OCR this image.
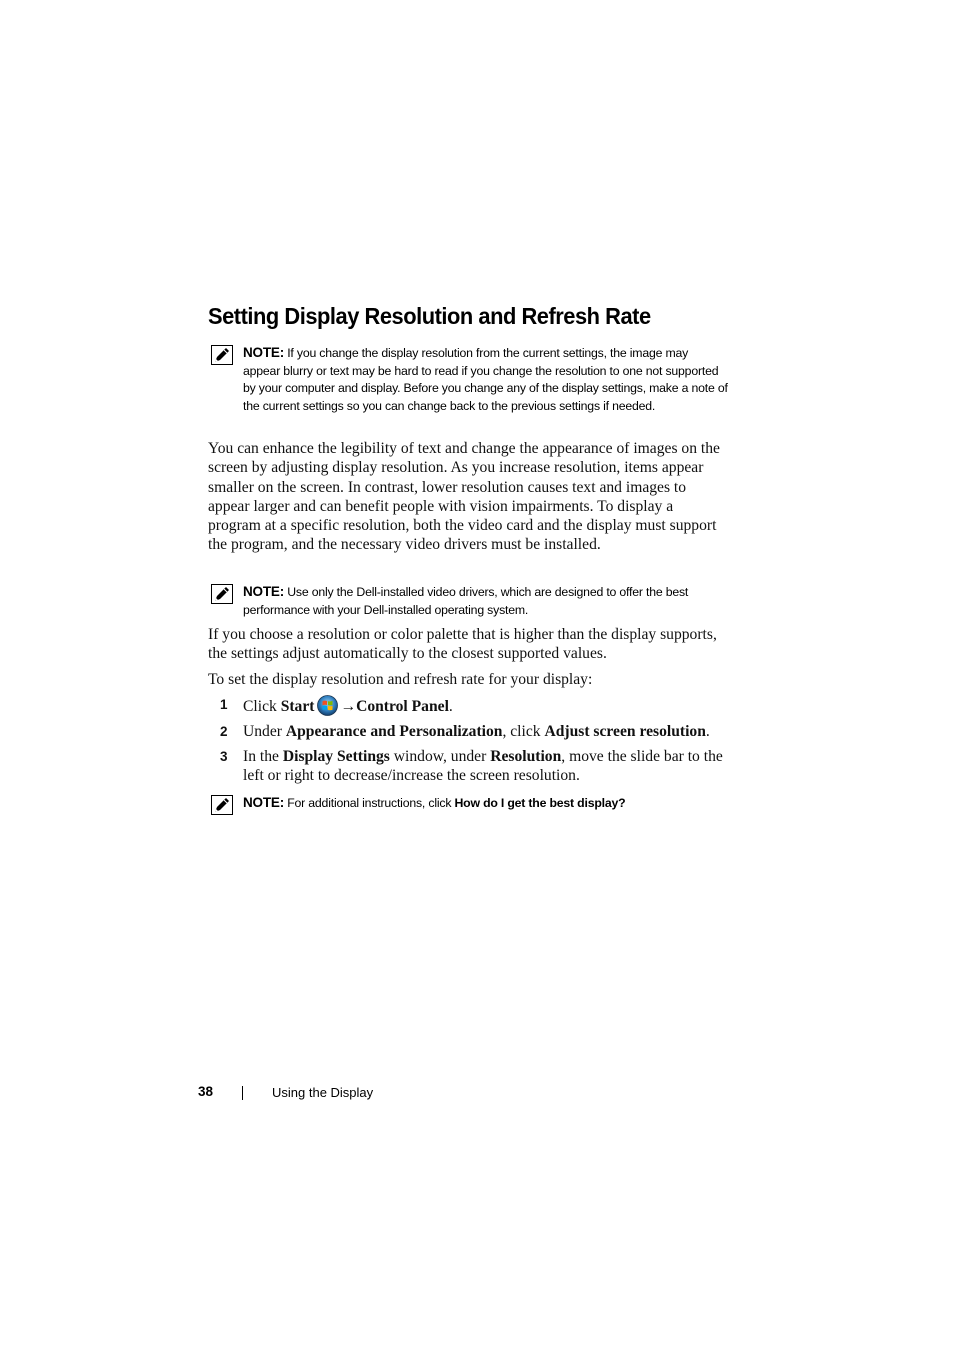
Setting Display Resolution and Refresh Rate
NOTE: If you change the display resolution from the current settings, the image may appear blurry or text may be hard to read if you change the resolution to one not supported by your computer and display. Before you change any of the display settings, make a note of the current settings so you can change back to the previous settings if needed.

You can enhance the legibility of text and change the appearance of images on the screen by adjusting display resolution. As you increase resolution, items appear smaller on the screen. In contrast, lower resolution causes text and images to appear larger and can benefit people with vision impairments. To display a program at a specific resolution, both the video card and the display must support the program, and the necessary video drivers must be installed.

NOTE: Use only the Dell-installed video drivers, which are designed to offer the best performance with your Dell-installed operating system.

If you choose a resolution or color palette that is higher than the display supports, the settings adjust automatically to the closest supported values.

To set the display resolution and refresh rate for your display:

1 Click Start →Control Panel.
2 Under Appearance and Personalization, click Adjust screen resolution.
3 In the Display Settings window, under Resolution, move the slide bar to the left or right to decrease/increase the screen resolution.
NOTE: For additional instructions, click How do I get the best display?
38	Using the Display
